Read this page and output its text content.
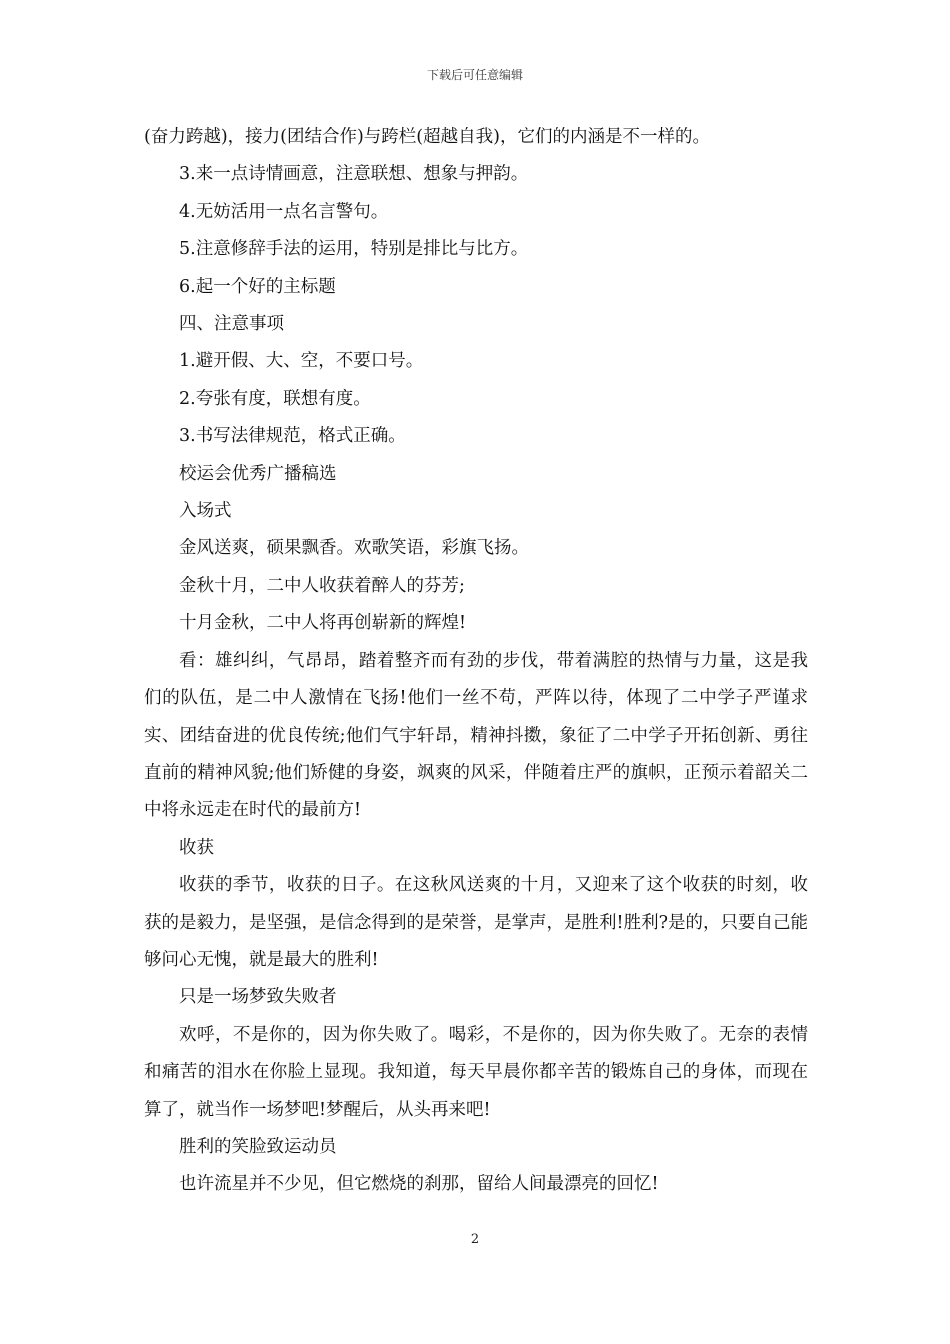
下载后可任意编辑

(奋力跨越)，接力(团结合作)与跨栏(超越自我)，它们的内涵是不一样的。

3.来一点诗情画意，注意联想、想象与押韵。

4.无妨活用一点名言警句。

5.注意修辞手法的运用，特别是排比与比方。

6.起一个好的主标题

四、注意事项

1.避开假、大、空，不要口号。

2.夸张有度，联想有度。

3.书写法律规范，格式正确。

校运会优秀广播稿选

入场式

金风送爽，硕果飘香。欢歌笑语，彩旗飞扬。

金秋十月，二中人收获着醉人的芬芳;

十月金秋，二中人将再创崭新的辉煌!

看：雄纠纠，气昂昂，踏着整齐而有劲的步伐，带着满腔的热情与力量，这是我们的队伍，是二中人激情在飞扬!他们一丝不苟，严阵以待，体现了二中学子严谨求实、团结奋进的优良传统;他们气宇轩昂，精神抖擞，象征了二中学子开拓创新、勇往直前的精神风貌;他们矫健的身姿，飒爽的风采，伴随着庄严的旗帜，正预示着韶关二中将永远走在时代的最前方!

收获

收获的季节，收获的日子。在这秋风送爽的十月，又迎来了这个收获的时刻，收获的是毅力，是坚强，是信念得到的是荣誉，是掌声，是胜利!胜利?是的，只要自己能够问心无愧，就是最大的胜利!

只是一场梦致失败者

欢呼，不是你的，因为你失败了。喝彩，不是你的，因为你失败了。无奈的表情和痛苦的泪水在你脸上显现。我知道，每天早晨你都辛苦的锻炼自己的身体，而现在算了，就当作一场梦吧!梦醒后，从头再来吧!

胜利的笑脸致运动员

也许流星并不少见，但它燃烧的刹那，留给人间最漂亮的回忆!

2
